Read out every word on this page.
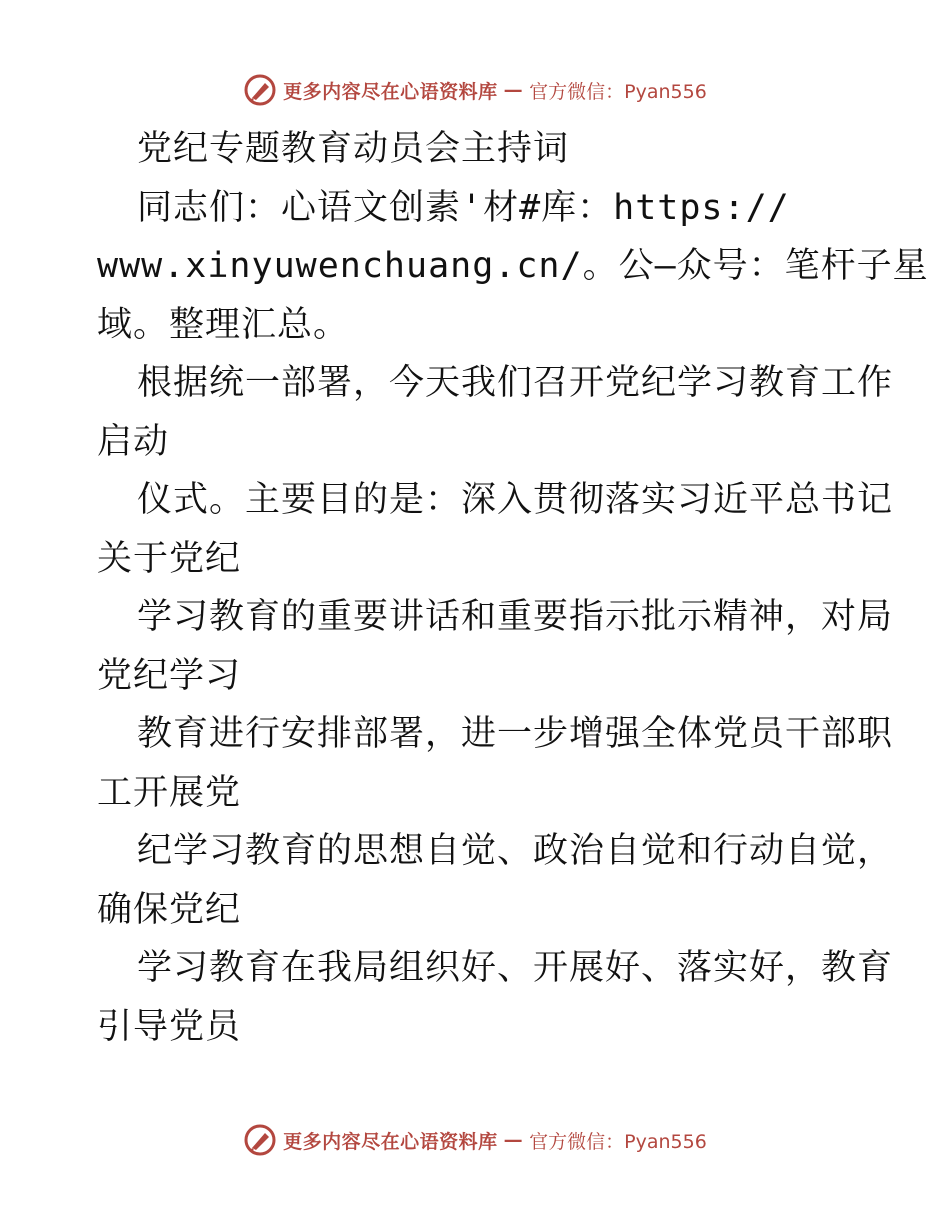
更多内容尽在心语资料库 — 官方微信：Pyan556
党纪专题教育动员会主持词
同志们：心语文创素'材#库：https://
www.xinyuwenchuang.cn/。公—众号：笔杆子星
域。整理汇总。
根据统一部署，今天我们召开党纪学习教育工作
启动
仪式。主要目的是：深入贯彻落实习近平总书记
关于党纪
学习教育的重要讲话和重要指示批示精神，对局
党纪学习
教育进行安排部署，进一步增强全体党员干部职
工开展党
纪学习教育的思想自觉、政治自觉和行动自觉，
确保党纪
学习教育在我局组织好、开展好、落实好，教育
引导党员
更多内容尽在心语资料库 — 官方微信：Pyan556
